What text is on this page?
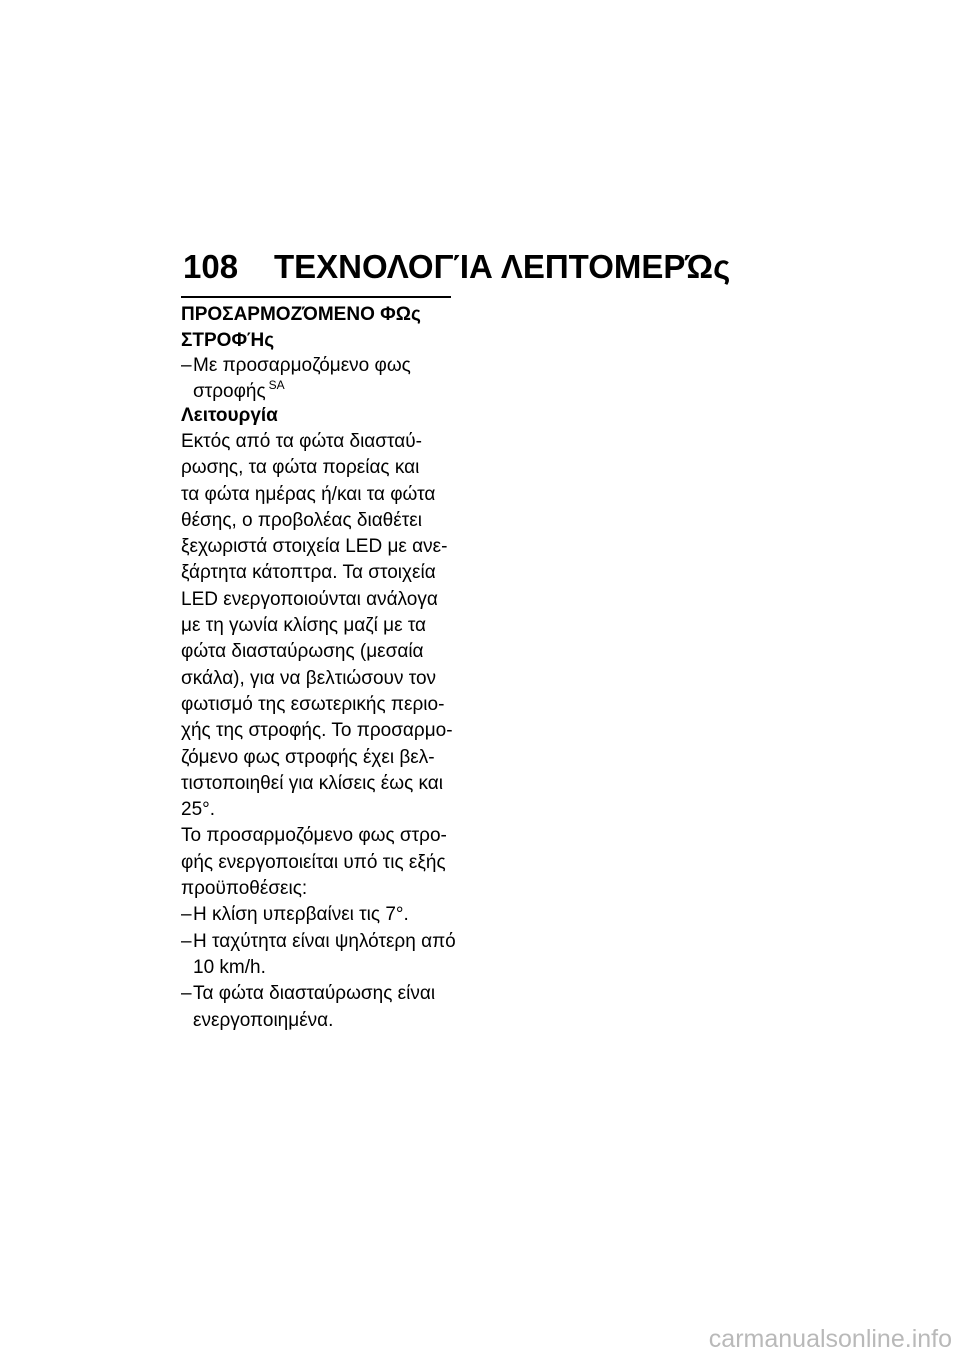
108 ΤΕΧΝΟΛΟΓΊΑ ΛΕΠΤΟΜΕΡΏς
ΠΡΟΣΑΡΜΟΖΌΜΕΝΟ ΦΩς
ΣΤΡΟΦΉς
– Με προσαρμοζόμενο φως
στροφής $^{SA}$
Λειτουργία
Εκτός από τα φώτα διασταύ-
ρωσης, τα φώτα πορείας και
τα φώτα ημέρας ή/και τα φώτα
θέσης, ο προβολέας διαθέτει
ξεχωριστά στοιχεία LED με ανε-
ξάρτητα κάτοπτρα. Τα στοιχεία
LED ενεργοποιούνται ανάλογα
με τη γωνία κλίσης μαζί με τα
φώτα διασταύρωσης (μεσαία
σκάλα), για να βελτιώσουν τον
φωτισμό της εσωτερικής περιο-
χής της στροφής. Το προσαρμο-
ζόμενο φως στροφής έχει βελ-
τιστοποιηθεί για κλίσεις έως και
25°.
Το προσαρμοζόμενο φως στρο-
φής ενεργοποιείται υπό τις εξής
προϋποθέσεις:
– Η κλίση υπερβαίνει τις 7°.
– Η ταχύτητα είναι ψηλότερη από
10 km/h.
– Τα φώτα διασταύρωσης είναι
ενεργοποιημένα.
carmanualsonline.info
